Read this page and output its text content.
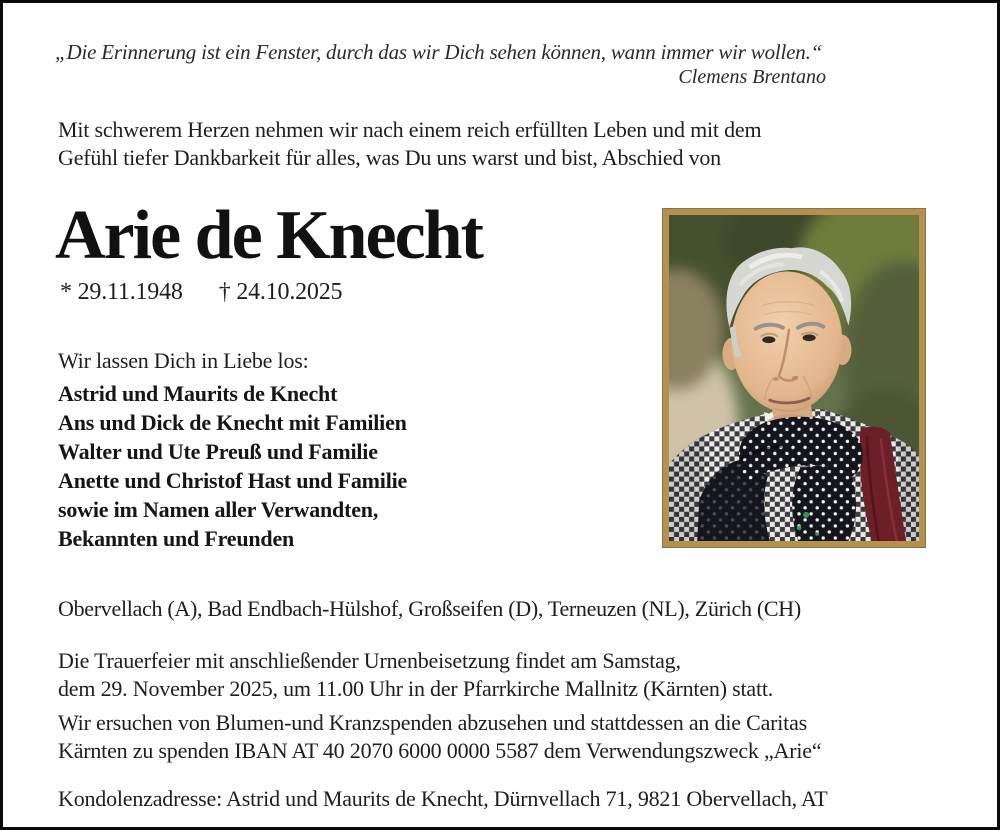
„Die Erinnerung ist ein Fenster, durch das wir Dich sehen können, wann immer wir wollen.“
Clemens Brentano
Mit schwerem Herzen nehmen wir nach einem reich erfüllten Leben und mit dem
Gefühl tiefer Dankbarkeit für alles, was Du uns warst und bist, Abschied von
Arie de Knecht
* 29.11.1948 † 24.10.2025
Wir lassen Dich in Liebe los:
Astrid und Maurits de Knecht
Ans und Dick de Knecht mit Familien
Walter und Ute Preuß und Familie
Anette und Christof Hast und Familie
sowie im Namen aller Verwandten,
Bekannten und Freunden
Obervellach (A), Bad Endbach-Hülshof, Großseifen (D), Terneuzen (NL), Zürich (CH)
Die Trauerfeier mit anschließender Urnenbeisetzung findet am Samstag,
dem 29. November 2025, um 11.00 Uhr in der Pfarrkirche Mallnitz (Kärnten) statt.
Wir ersuchen von Blumen-und Kranzspenden abzusehen und stattdessen an die Caritas
Kärnten zu spenden IBAN AT 40 2070 6000 0000 5587 dem Verwendungszweck „Arie“
Kondolenzadresse: Astrid und Maurits de Knecht, Dürnvellach 71, 9821 Obervellach, AT
